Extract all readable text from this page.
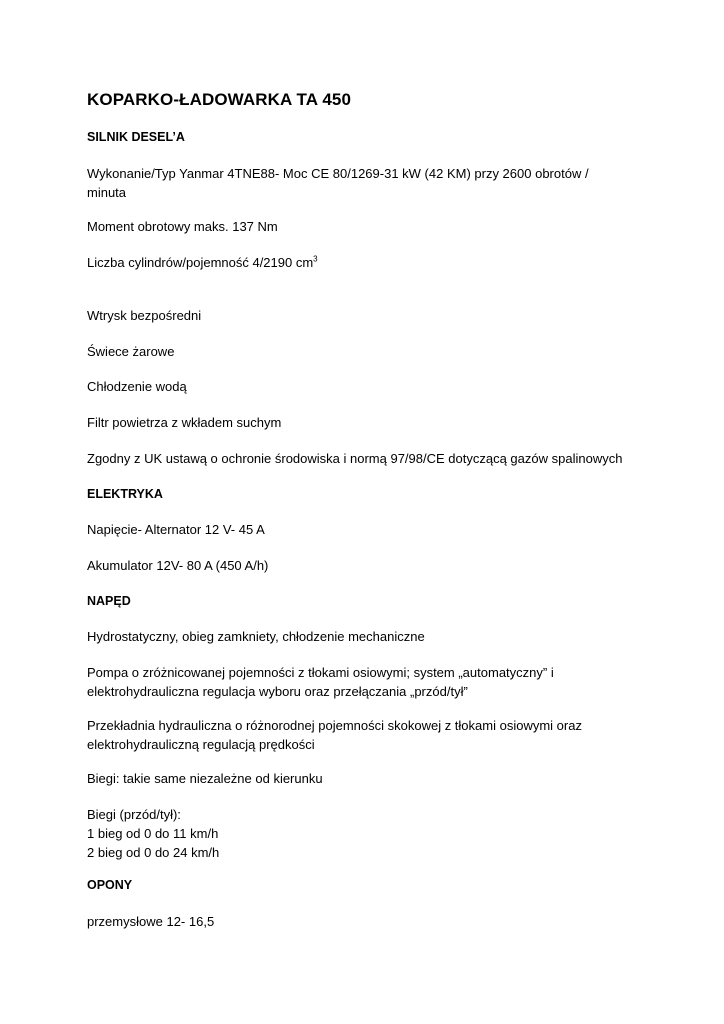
KOPARKO-ŁADOWARKA TA 450
SILNIK DESEL’A
Wykonanie/Typ Yanmar 4TNE88- Moc CE 80/1269-31 kW (42 KM) przy 2600 obrotów /
minuta
Moment obrotowy maks. 137 Nm
Liczba cylindrów/pojemność 4/2190 $cm^3$
Wtrysk bezpośredni
Świece żarowe
Chłodzenie wodą
Filtr powietrza z wkładem suchym
Zgodny z UK ustawą o ochronie środowiska i normą 97/98/CE dotyczącą gazów spalinowych
ELEKTRYKA
Napięcie- Alternator 12 V- 45 A
Akumulator 12V- 80 A (450 A/h)
NAPĘD
Hydrostatyczny, obieg zamkniety, chłodzenie mechaniczne
Pompa o zróżnicowanej pojemności z tłokami osiowymi; system „automatyczny” i
elektrohydrauliczna regulacja wyboru oraz przełączania „przód/tył”
Przekładnia hydrauliczna o różnorodnej pojemności skokowej z tłokami osiowymi oraz
elektrohydrauliczną regulacją prędkości
Biegi: takie same niezależne od kierunku
Biegi (przód/tył):
1 bieg od 0 do 11 km/h
2 bieg od 0 do 24 km/h
OPONY
przemysłowe 12- 16,5
